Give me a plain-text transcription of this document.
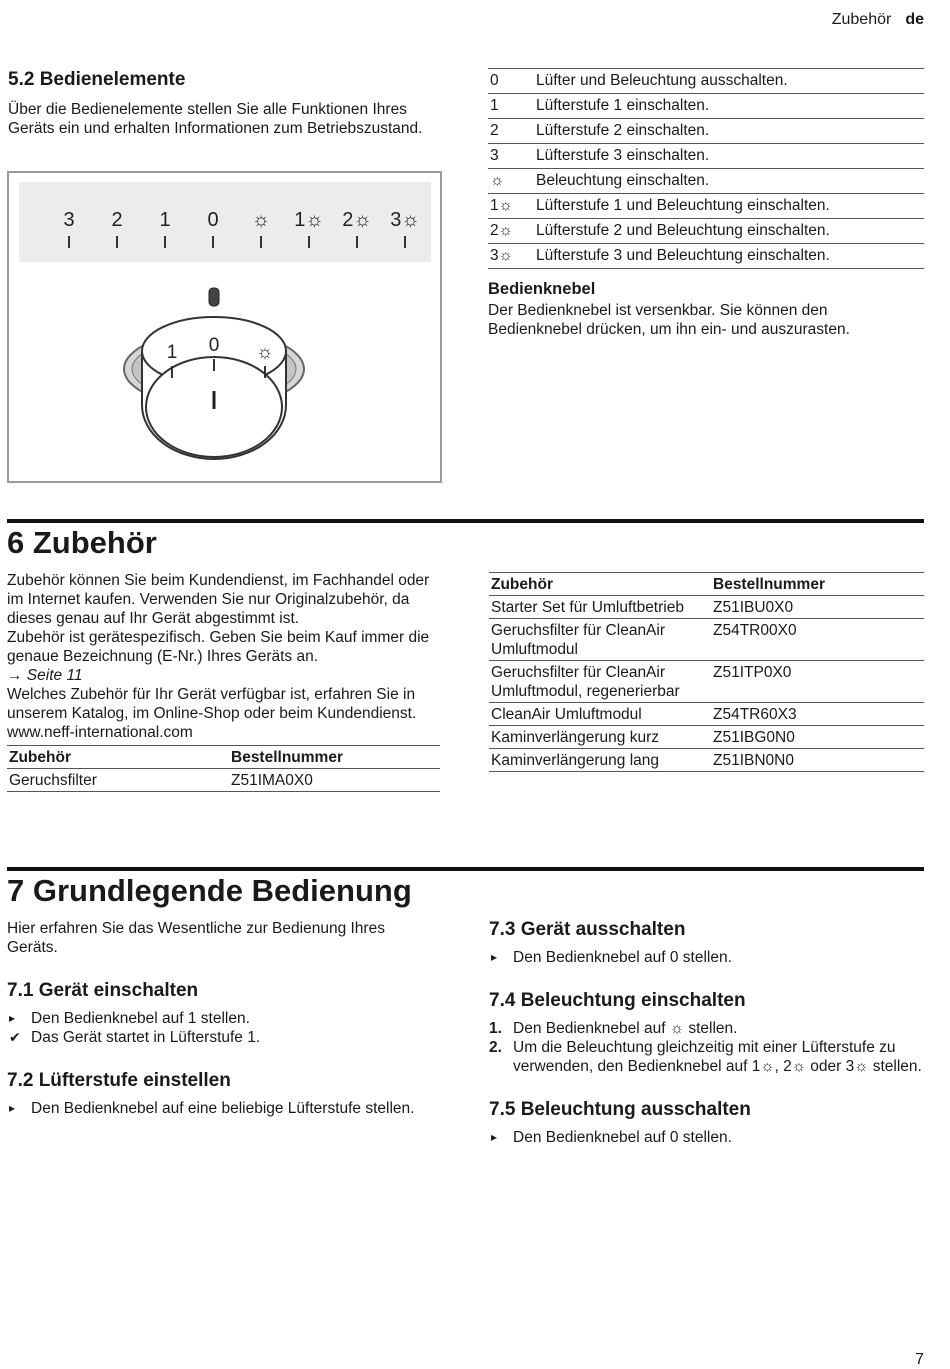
Zubehör de
5.2 Bedienelemente

Über die Bedienelemente stellen Sie alle Funktionen Ihres Geräts ein und erhalten Informationen zum Betriebszustand.

3 2 1 0 ☼ 1☼ 2☼ 3☼
1 0 ☼
0 Lüfter und Beleuchtung ausschalten.
1 Lüfterstufe 1 einschalten.
2 Lüfterstufe 2 einschalten.
3 Lüfterstufe 3 einschalten.
☼ Beleuchtung einschalten.
1☼ Lüfterstufe 1 und Beleuchtung einschalten.
2☼ Lüfterstufe 2 und Beleuchtung einschalten.
3☼ Lüfterstufe 3 und Beleuchtung einschalten.
Bedienknebel

Der Bedienknebel ist versenkbar. Sie können den Bedienknebel drücken, um ihn ein- und auszurasten.

6 Zubehör

Zubehör können Sie beim Kundendienst, im Fachhandel oder im Internet kaufen. Verwenden Sie nur Originalzubehör, da dieses genau auf Ihr Gerät abgestimmt ist.

Zubehör ist gerätespezifisch. Geben Sie beim Kauf immer die genaue Bezeichnung (E-Nr.) Ihres Geräts an.

→ Seite 11

Welches Zubehör für Ihr Gerät verfügbar ist, erfahren Sie in unserem Katalog, im Online-Shop oder beim Kundendienst.

www.neff-international.com

Zubehör	Bestellnummer
Geruchsfilter	Z51IMA0X0
Zubehör	Bestellnummer
Starter Set für Umluftbetrieb	Z51IBU0X0
Geruchsfilter für CleanAir Umluftmodul	Z54TR00X0
Geruchsfilter für CleanAir Umluftmodul, regenerierbar	Z51ITP0X0
CleanAir Umluftmodul	Z54TR60X3
Kaminverlängerung kurz	Z51IBG0N0
Kaminverlängerung lang	Z51IBN0N0
7 Grundlegende Bedienung

Hier erfahren Sie das Wesentliche zur Bedienung Ihres Geräts.

7.1 Gerät einschalten
▸ Den Bedienknebel auf 1 stellen.
✔ Das Gerät startet in Lüfterstufe 1.
7.2 Lüfterstufe einstellen
▸ Den Bedienknebel auf eine beliebige Lüfterstufe stellen.
7.3 Gerät ausschalten
▸ Den Bedienknebel auf 0 stellen.
7.4 Beleuchtung einschalten
1. Den Bedienknebel auf ☼ stellen.
2. Um die Beleuchtung gleichzeitig mit einer Lüfterstufe zu verwenden, den Bedienknebel auf 1☼, 2☼ oder 3☼ stellen.
7.5 Beleuchtung ausschalten
▸ Den Bedienknebel auf 0 stellen.
7
